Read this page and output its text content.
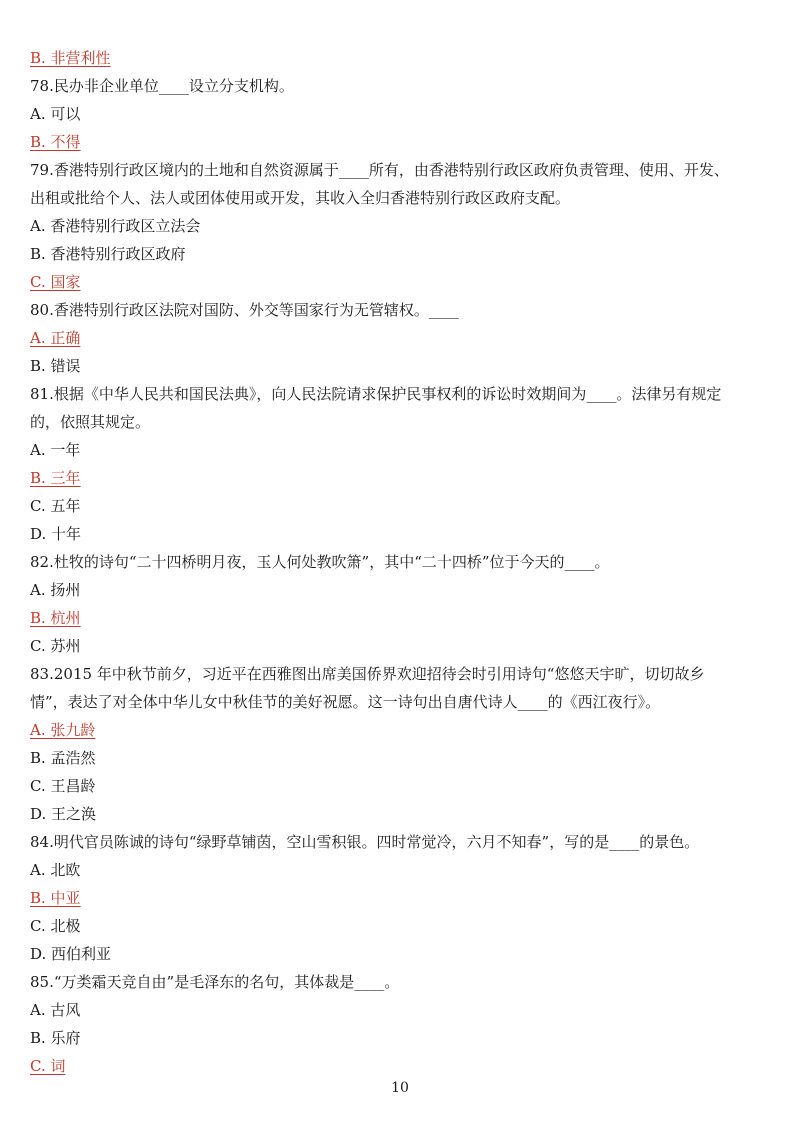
B. 非营利性
78.民办非企业单位____设立分支机构。
A. 可以
B. 不得
79.香港特别行政区境内的土地和自然资源属于____所有，由香港特别行政区政府负责管理、使用、开发、
出租或批给个人、法人或团体使用或开发，其收入全归香港特别行政区政府支配。
A. 香港特别行政区立法会
B. 香港特别行政区政府
C. 国家
80.香港特别行政区法院对国防、外交等国家行为无管辖权。____
A. 正确
B. 错误
81.根据《中华人民共和国民法典》，向人民法院请求保护民事权利的诉讼时效期间为____。法律另有规定
的，依照其规定。
A. 一年
B. 三年
C. 五年
D. 十年
82.杜牧的诗句“二十四桥明月夜，玉人何处教吹箫”，其中“二十四桥”位于今天的____。
A. 扬州
B. 杭州
C. 苏州
83.2015 年中秋节前夕，习近平在西雅图出席美国侨界欢迎招待会时引用诗句“悠悠天宇旷，切切故乡
情”，表达了对全体中华儿女中秋佳节的美好祝愿。这一诗句出自唐代诗人____的《西江夜行》。
A. 张九龄
B. 孟浩然
C. 王昌龄
D. 王之涣
84.明代官员陈诚的诗句“绿野草铺茵，空山雪积银。四时常觉冷，六月不知春”，写的是____的景色。
A. 北欧
B. 中亚
C. 北极
D. 西伯利亚
85.“万类霜天竞自由”是毛泽东的名句，其体裁是____。
A. 古风
B. 乐府
C. 词
10
